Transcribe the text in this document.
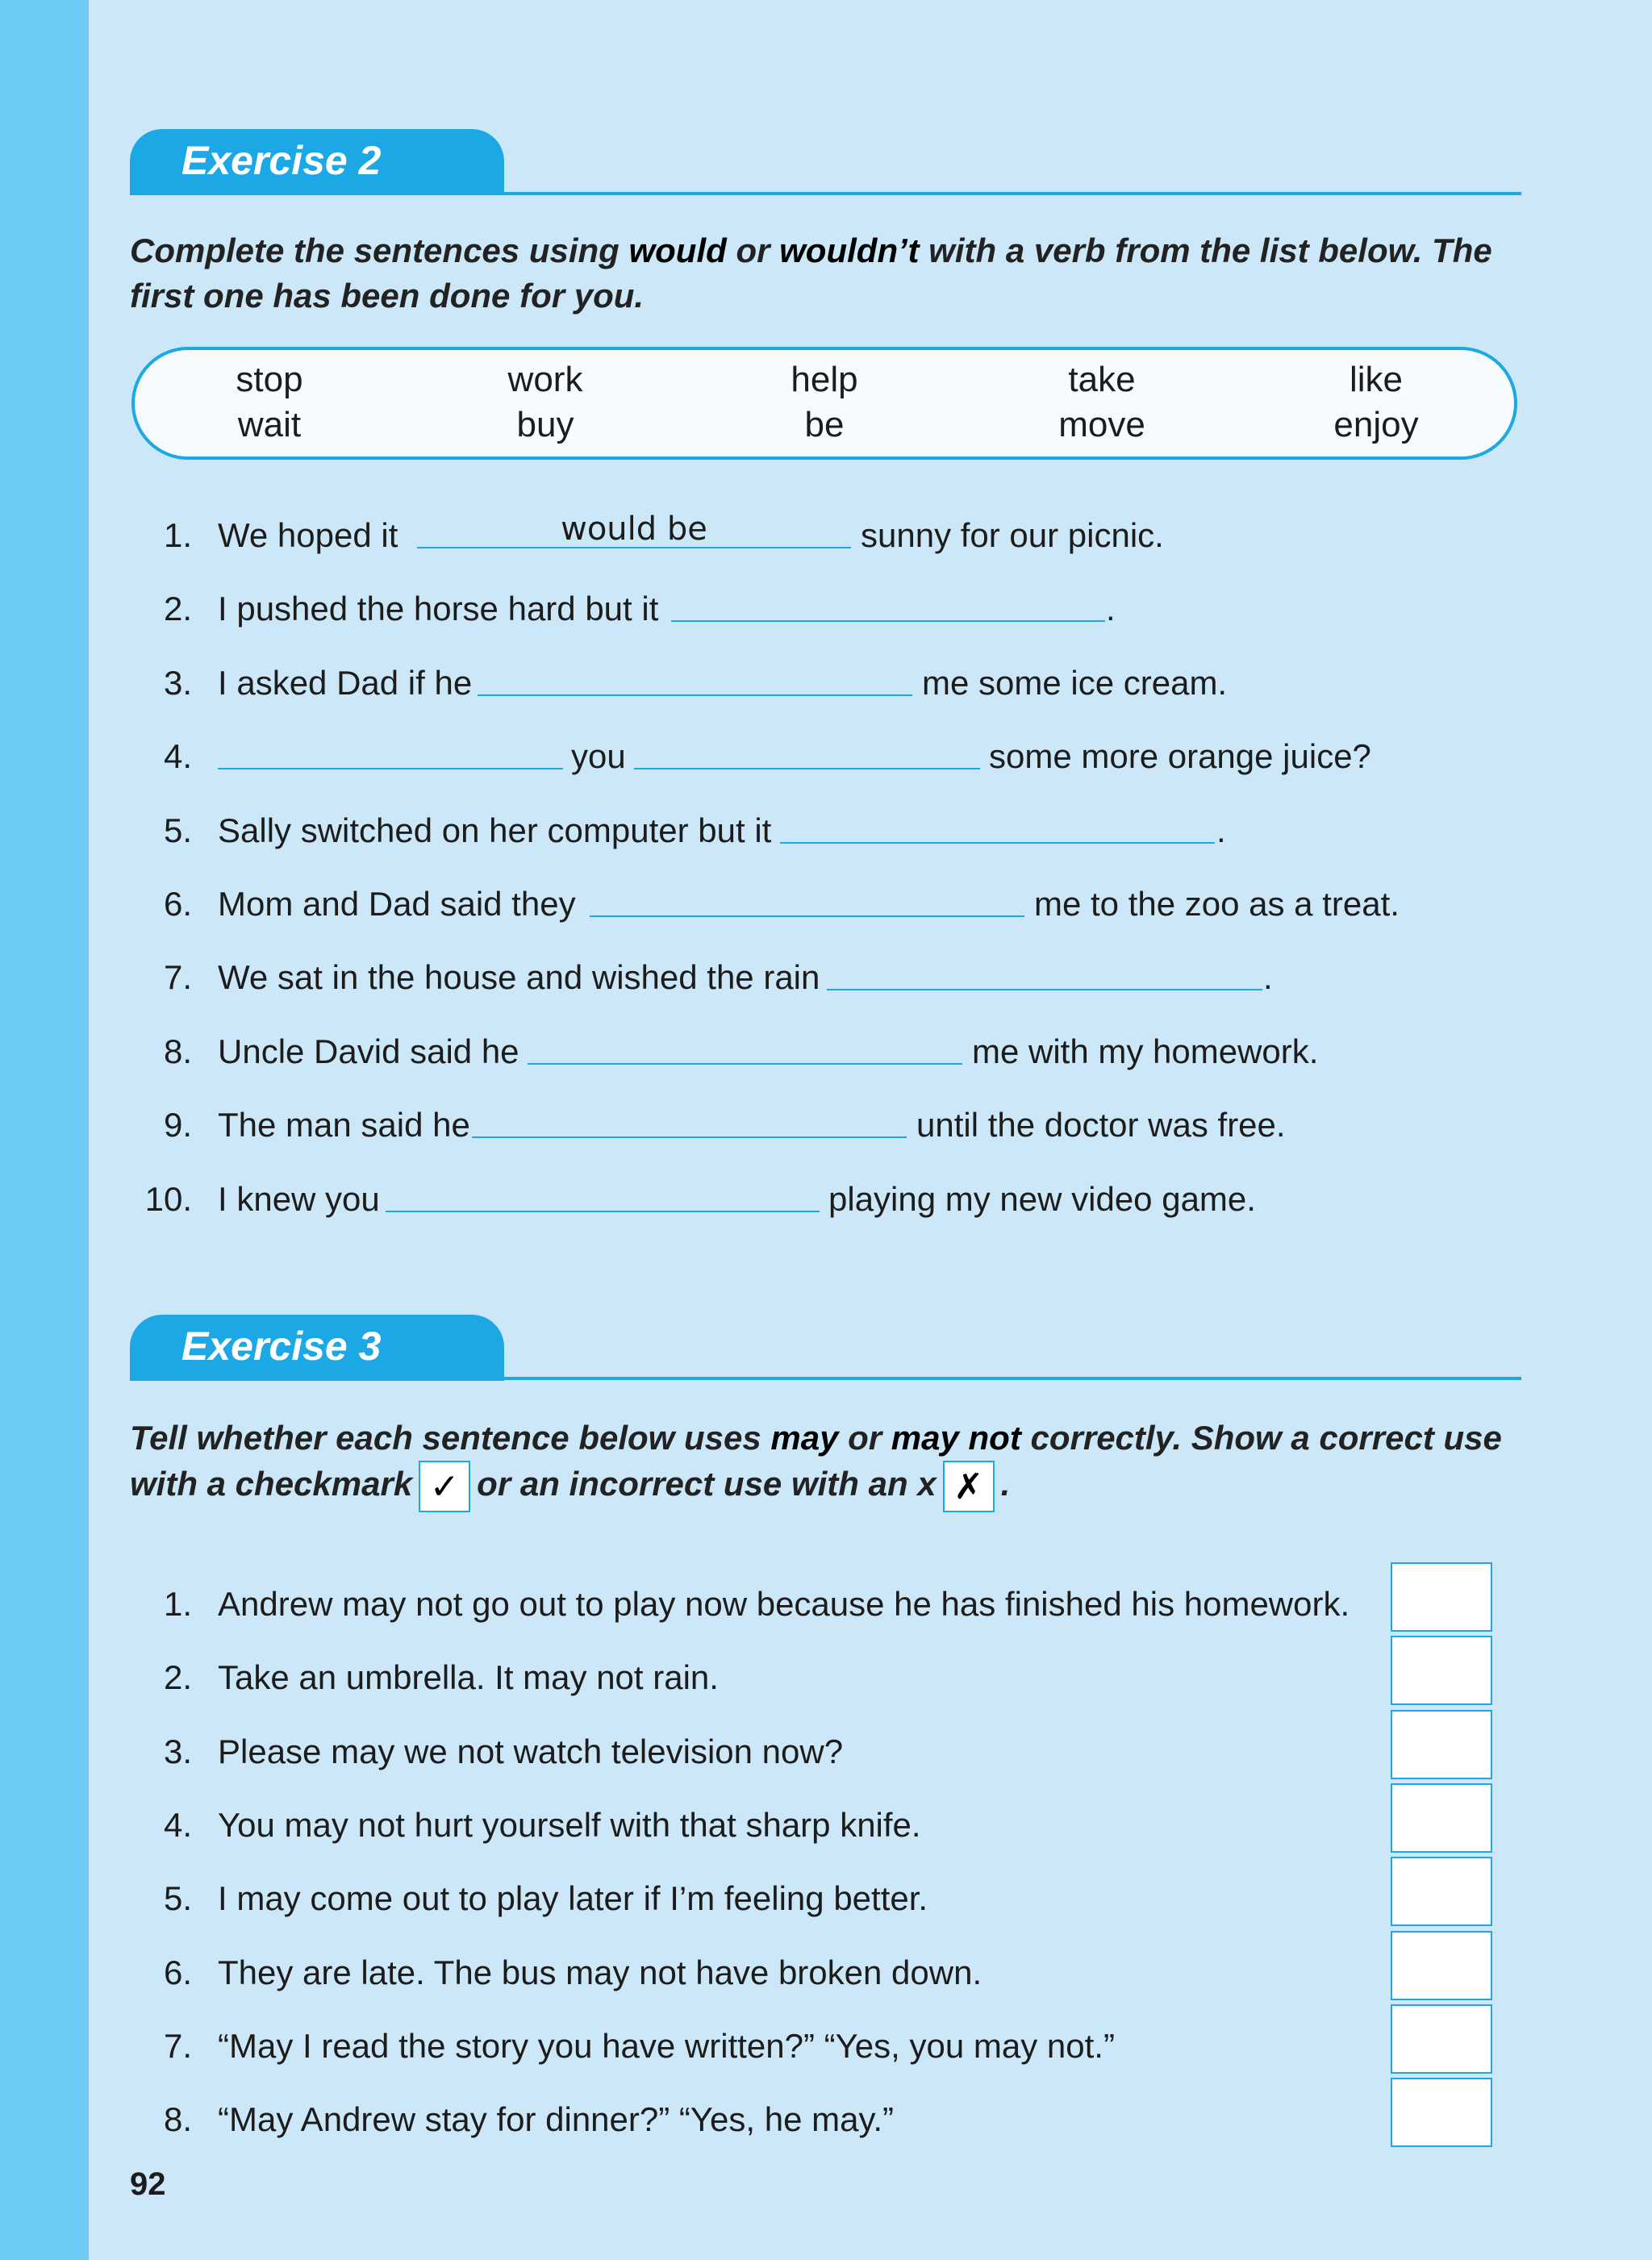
Exercise 2

Complete the sentences using would or wouldn’t with a verb from the list below. The first one has been done for you.

stop	work	help	take	like
wait	buy	be	move	enjoy
1. We hoped it	would be	sunny for our picnic.
2. I pushed the horse hard but it	.
3. I asked Dad if he	me some ice cream.
4.	you	some more orange juice?
5. Sally switched on her computer but it	.
6. Mom and Dad said they	me to the zoo as a treat.
7. We sat in the house and wished the rain	.
8. Uncle David said he	me with my homework.
9. The man said he	until the doctor was free.
10. I knew you	playing my new video game.
Exercise 3

Tell whether each sentence below uses may or may not correctly. Show a correct use
with a checkmark ✓ or an incorrect use with an x ✗ .

1. Andrew may not go out to play now because he has finished his homework.
2. Take an umbrella. It may not rain.
3. Please may we not watch television now?
4. You may not hurt yourself with that sharp knife.
5. I may come out to play later if I’m feeling better.
6. They are late. The bus may not have broken down.
7. “May I read the story you have written?” “Yes, you may not.”
8. “May Andrew stay for dinner?” “Yes, he may.”
92
